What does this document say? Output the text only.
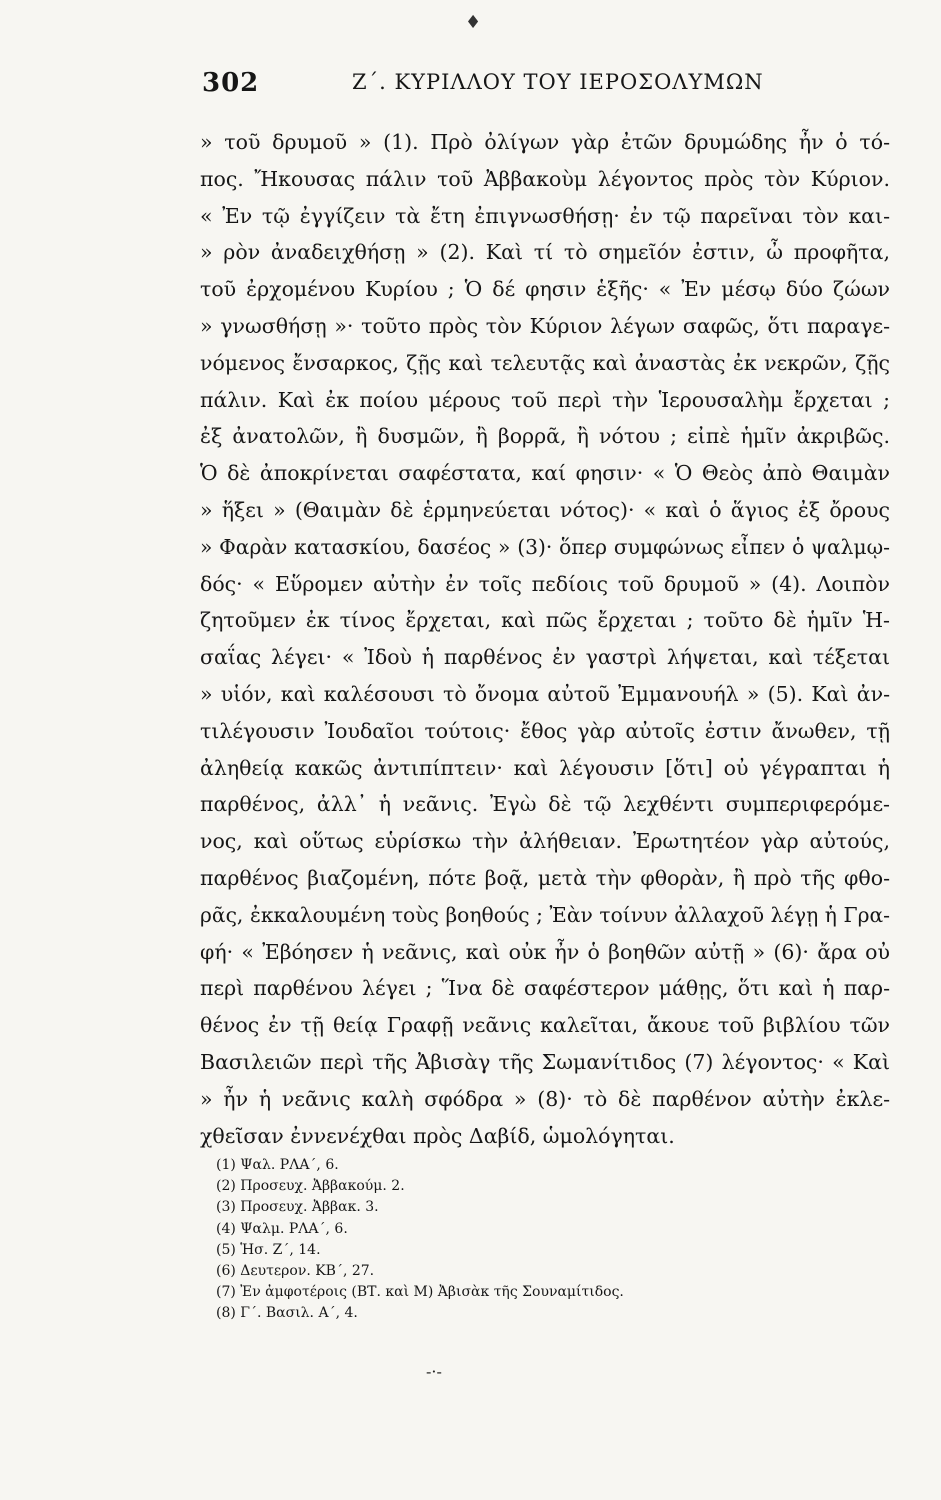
♦
302	Ζ΄. ΚΥΡΙΛΛΟΥ ΤΟΥ ΙΕΡΟΣΟΛΥΜΩΝ
» τοῦ δρυμοῦ » (1). Πρὸ ὀλίγων γὰρ ἐτῶν δρυμώδης ἦν ὁ τό-
πος. Ἤκουσας πάλιν τοῦ Ἀββακοὺμ λέγοντος πρὸς τὸν Κύριον.
« Ἐν τῷ ἐγγίζειν τὰ ἔτη ἐπιγνωσθήσῃ· ἐν τῷ παρεῖναι τὸν και-
» ρὸν ἀναδειχθήσῃ » (2). Καὶ τί τὸ σημεῖόν ἐστιν, ὦ προφῆτα,
τοῦ ἐρχομένου Κυρίου ; Ὁ δέ φησιν ἑξῆς· « Ἐν μέσῳ δύο ζώων
» γνωσθήσῃ »· τοῦτο πρὸς τὸν Κύριον λέγων σαφῶς, ὅτι παραγε-
νόμενος ἔνσαρκος, ζῇς καὶ τελευτᾷς καὶ ἀναστὰς ἐκ νεκρῶν, ζῇς
πάλιν. Καὶ ἐκ ποίου μέρους τοῦ περὶ τὴν Ἱερουσαλὴμ ἔρχεται ;
ἐξ ἀνατολῶν, ἢ δυσμῶν, ἢ βορρᾶ, ἢ νότου ; εἰπὲ ἡμῖν ἀκριβῶς.
Ὁ δὲ ἀποκρίνεται σαφέστατα, καί φησιν· « Ὁ Θεὸς ἀπὸ Θαιμὰν
» ἥξει » (Θαιμὰν δὲ ἑρμηνεύεται νότος)· « καὶ ὁ ἅγιος ἐξ ὄρους
» Φαρὰν κατασκίου, δασέος » (3)· ὅπερ συμφώνως εἶπεν ὁ ψαλμῳ-
δός· « Εὕρομεν αὐτὴν ἐν τοῖς πεδίοις τοῦ δρυμοῦ » (4). Λοιπὸν
ζητοῦμεν ἐκ τίνος ἔρχεται, καὶ πῶς ἔρχεται ; τοῦτο δὲ ἡμῖν Ἡ-
σαΐας λέγει· « Ἰδοὺ ἡ παρθένος ἐν γαστρὶ λήψεται, καὶ τέξεται
» υἱόν, καὶ καλέσουσι τὸ ὄνομα αὐτοῦ Ἐμμανουήλ » (5). Καὶ ἀν-
τιλέγουσιν Ἰουδαῖοι τούτοις· ἔθος γὰρ αὐτοῖς ἐστιν ἄνωθεν, τῇ
ἀληθείᾳ κακῶς ἀντιπίπτειν· καὶ λέγουσιν [ὅτι] οὐ γέγραπται ἡ
παρθένος, ἀλλ᾽ ἡ νεᾶνις. Ἐγὼ δὲ τῷ λεχθέντι συμπεριφερόμε-
νος, καὶ οὕτως εὑρίσκω τὴν ἀλήθειαν. Ἐρωτητέον γὰρ αὐτούς,
παρθένος βιαζομένη, πότε βοᾷ, μετὰ τὴν φθορὰν, ἢ πρὸ τῆς φθο-
ρᾶς, ἐκκαλουμένη τοὺς βοηθούς ; Ἐὰν τοίνυν ἀλλαχοῦ λέγῃ ἡ Γρα-
φή· « Ἐβόησεν ἡ νεᾶνις, καὶ οὐκ ἦν ὁ βοηθῶν αὐτῇ » (6)· ἄρα οὐ
περὶ παρθένου λέγει ; Ἵνα δὲ σαφέστερον μάθῃς, ὅτι καὶ ἡ παρ-
θένος ἐν τῇ θείᾳ Γραφῇ νεᾶνις καλεῖται, ἄκουε τοῦ βιβλίου τῶν
Βασιλειῶν περὶ τῆς Ἀβισὰγ τῆς Σωμανίτιδος (7) λέγοντος· « Καὶ
» ἦν ἡ νεᾶνις καλὴ σφόδρα » (8)· τὸ δὲ παρθένον αὐτὴν ἐκλε-
χθεῖσαν ἐννενέχθαι πρὸς Δαβίδ, ὡμολόγηται.
(1) Ψαλ. ΡΛΑ΄, 6.
(2) Προσευχ. Ἀββακούμ. 2.
(3) Προσευχ. Ἀββακ. 3.
(4) Ψαλμ. ΡΛΑ΄, 6.
(5) Ἡσ. Ζ΄, 14.
(6) Δευτερον. ΚΒ΄, 27.
(7) Ἐν ἀμφοτέροις (ΒΤ. καὶ Μ) Ἀβισὰκ τῆς Σουναμίτιδος.
(8) Γ΄. Βασιλ. Α΄, 4.
-·-
